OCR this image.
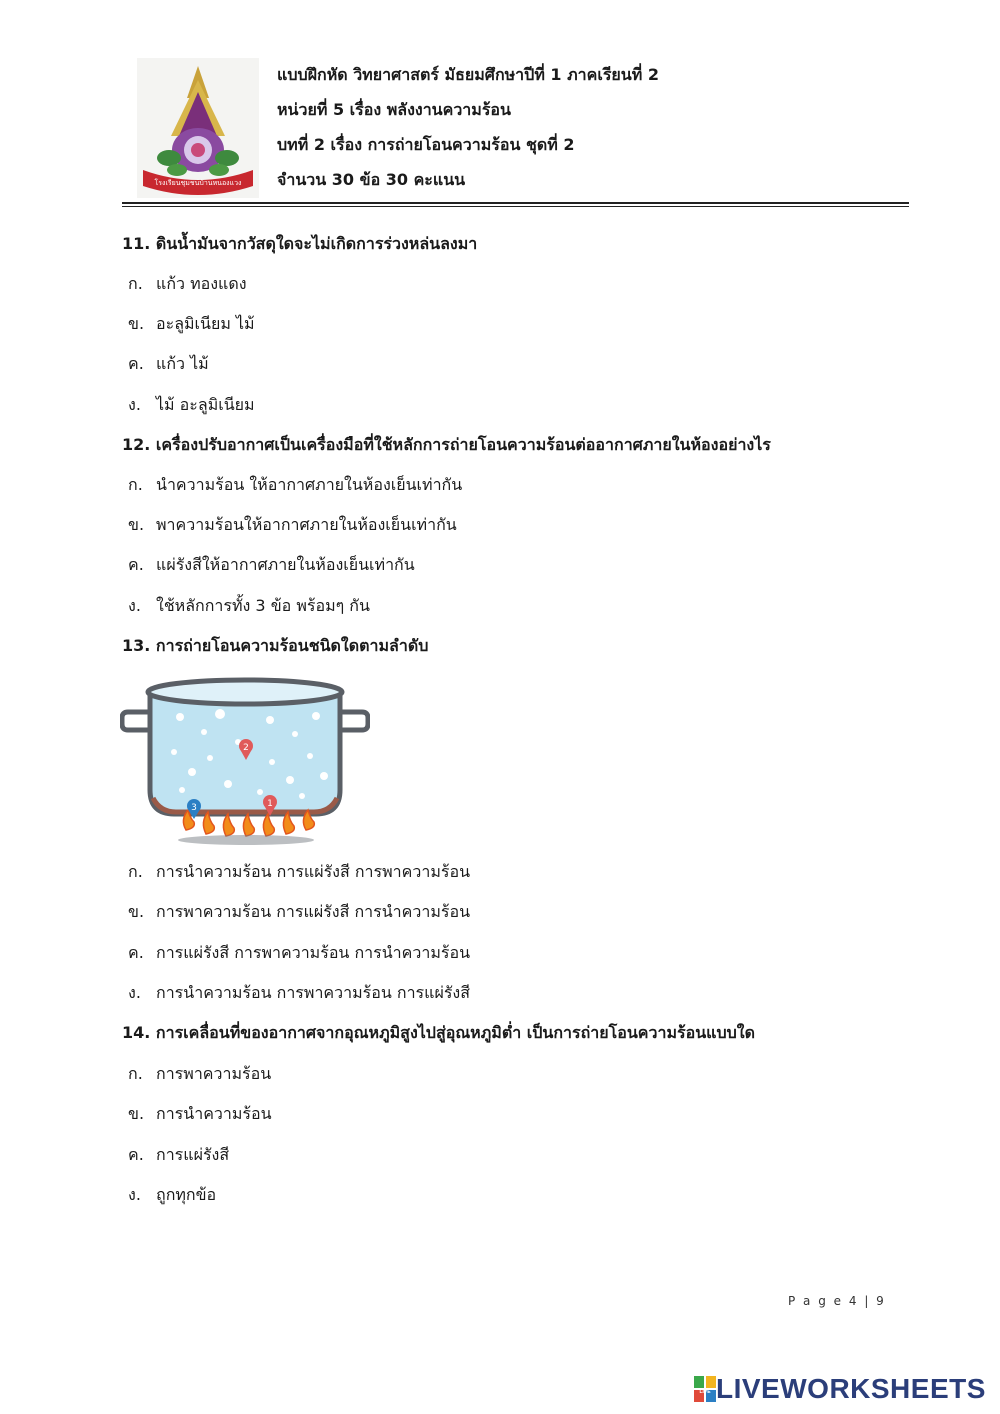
โรงเรียนชุมชนบ้านหนองแวง
แบบฝึกหัด วิทยาศาสตร์ มัธยมศึกษาปีที่ 1 ภาคเรียนที่ 2
หน่วยที่ 5 เรื่อง พลังงานความร้อน
บทที่ 2 เรื่อง การถ่ายโอนความร้อน ชุดที่ 2
จำนวน 30 ข้อ 30 คะแนน
11. ดินน้ำมันจากวัสดุใดจะไม่เกิดการร่วงหล่นลงมา
ก. แก้ว ทองแดง
ข. อะลูมิเนียม ไม้
ค. แก้ว ไม้
ง. ไม้ อะลูมิเนียม
12. เครื่องปรับอากาศเป็นเครื่องมือที่ใช้หลักการถ่ายโอนความร้อนต่ออากาศภายในห้องอย่างไร
ก. นำความร้อน ให้อากาศภายในห้องเย็นเท่ากัน
ข. พาความร้อนให้อากาศภายในห้องเย็นเท่ากัน
ค. แผ่รังสีให้อากาศภายในห้องเย็นเท่ากัน
ง. ใช้หลักการทั้ง 3 ข้อ พร้อมๆ กัน
13. การถ่ายโอนความร้อนชนิดใดตามลำดับ
2
1
3
ก. การนำความร้อน การแผ่รังสี การพาความร้อน
ข. การพาความร้อน การแผ่รังสี การนำความร้อน
ค. การแผ่รังสี การพาความร้อน การนำความร้อน
ง. การนำความร้อน การพาความร้อน การแผ่รังสี
14. การเคลื่อนที่ของอากาศจากอุณหภูมิสูงไปสู่อุณหภูมิต่ำ เป็นการถ่ายโอนความร้อนแบบใด
ก. การพาความร้อน
ข. การนำความร้อน
ค. การแผ่รังสี
ง. ถูกทุกข้อ
P a g e 4 | 9
LIVE LIVEWORKSHEETS
